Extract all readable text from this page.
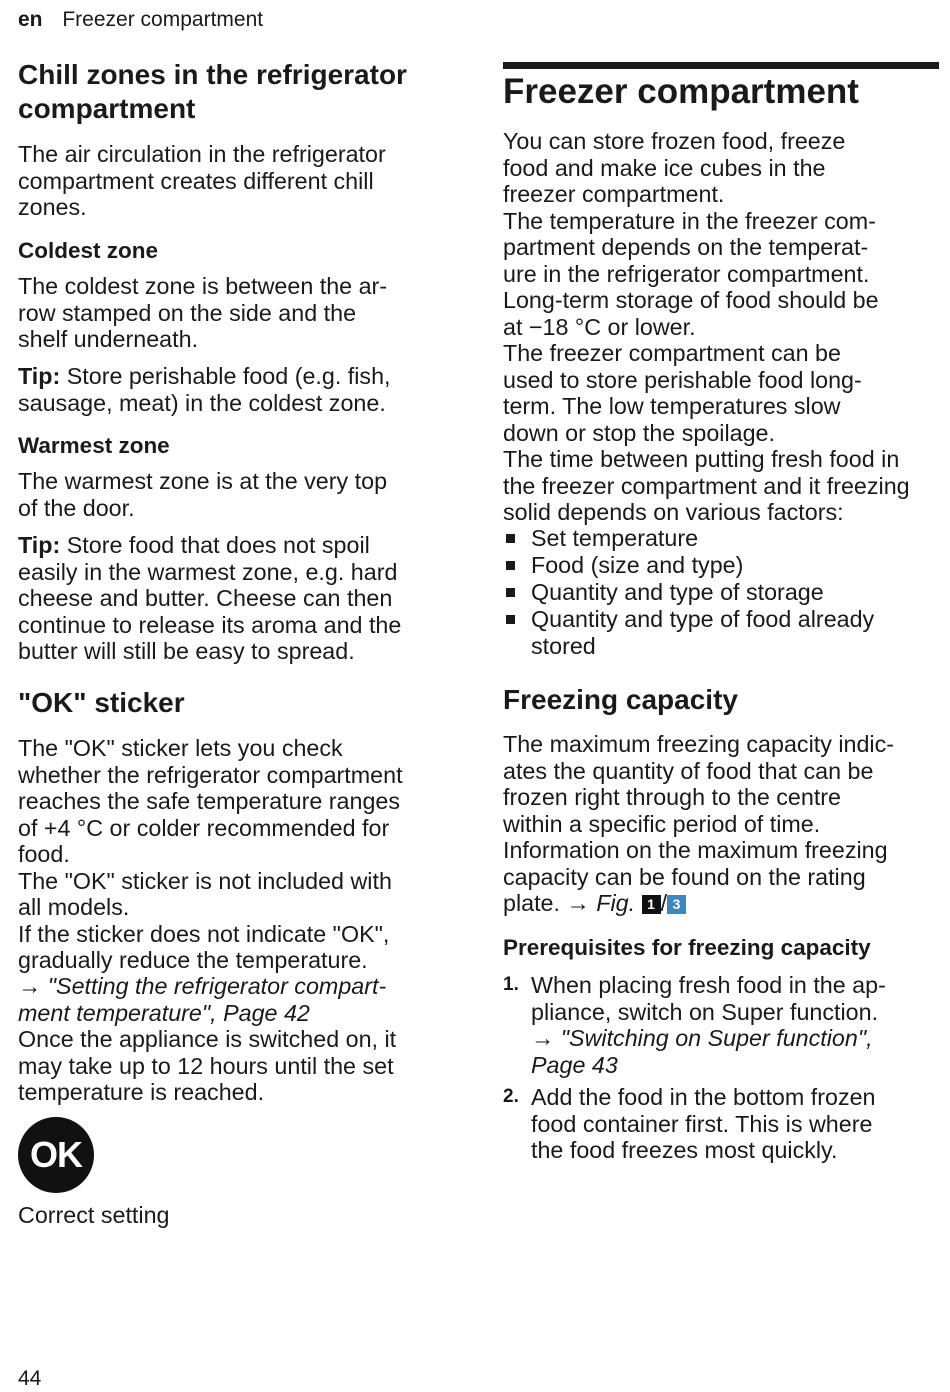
en Freezer compartment
Chill zones in the refrigerator compartment

The air circulation in the refrigerator
compartment creates different chill
zones.

Coldest zone

The coldest zone is between the ar-
row stamped on the side and the
shelf underneath.

Tip: Store perishable food (e.g. fish,
sausage, meat) in the coldest zone.

Warmest zone

The warmest zone is at the very top
of the door.

Tip: Store food that does not spoil
easily in the warmest zone, e.g. hard
cheese and butter. Cheese can then
continue to release its aroma and the
butter will still be easy to spread.

"OK" sticker

The "OK" sticker lets you check
whether the refrigerator compartment
reaches the safe temperature ranges
of +4 °C or colder recommended for
food.
The "OK" sticker is not included with
all models.
If the sticker does not indicate "OK",
gradually reduce the temperature.

→ "Setting the refrigerator compart-
ment temperature", Page 42

Once the appliance is switched on, it
may take up to 12 hours until the set
temperature is reached.

OK

Correct setting

Freezer compartment

You can store frozen food, freeze
food and make ice cubes in the
freezer compartment.
The temperature in the freezer com-
partment depends on the temperat-
ure in the refrigerator compartment.
Long-term storage of food should be
at −18 °C or lower.
The freezer compartment can be
used to store perishable food long-
term. The low temperatures slow
down or stop the spoilage.
The time between putting fresh food in
the freezer compartment and it freezing
solid depends on various factors:

Set temperature
Food (size and type)
Quantity and type of storage
Quantity and type of food already
stored
Freezing capacity

The maximum freezing capacity indic-
ates the quantity of food that can be
frozen right through to the centre
within a specific period of time.
Information on the maximum freezing
capacity can be found on the rating
plate. → Fig. 1 / 3

Prerequisites for freezing capacity
1. When placing fresh food in the ap-
pliance, switch on Super function.
→ "Switching on Super function",
Page 43
2. Add the food in the bottom frozen
food container first. This is where
the food freezes most quickly.
44
